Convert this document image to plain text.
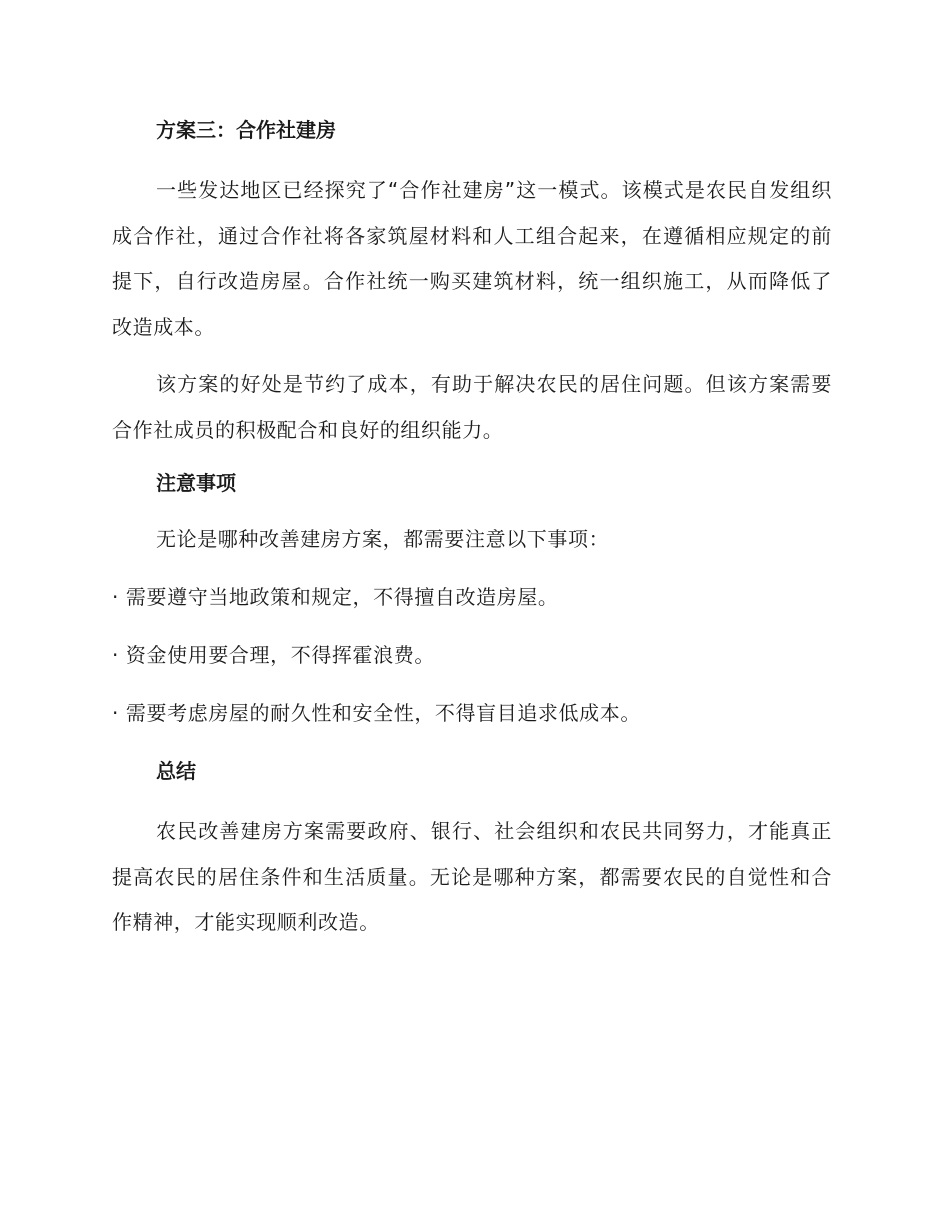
方案三：合作社建房

一些发达地区已经探究了“合作社建房”这一模式。该模式是农民自发组织成合作社，通过合作社将各家筑屋材料和人工组合起来，在遵循相应规定的前提下，自行改造房屋。合作社统一购买建筑材料，统一组织施工，从而降低了改造成本。

该方案的好处是节约了成本，有助于解决农民的居住问题。但该方案需要合作社成员的积极配合和良好的组织能力。

注意事项
无论是哪种改善建房方案，都需要注意以下事项：
· 需要遵守当地政策和规定，不得擅自改造房屋。
· 资金使用要合理，不得挥霍浪费。
· 需要考虑房屋的耐久性和安全性，不得盲目追求低成本。
总结

农民改善建房方案需要政府、银行、社会组织和农民共同努力，才能真正提高农民的居住条件和生活质量。无论是哪种方案，都需要农民的自觉性和合作精神，才能实现顺利改造。
